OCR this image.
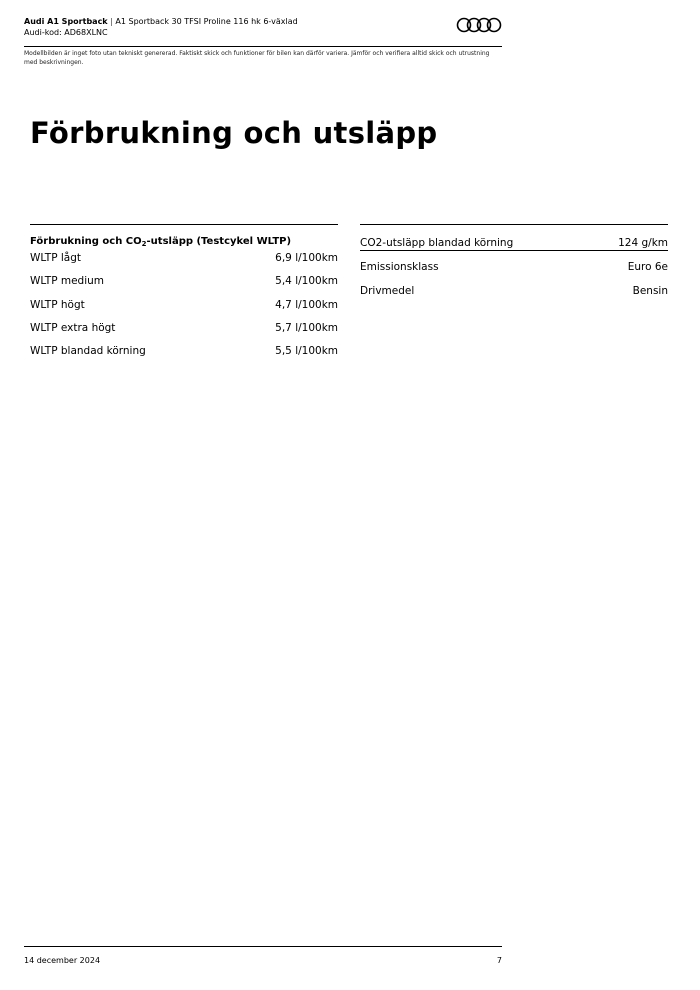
Audi A1 Sportback | A1 Sportback 30 TFSI Proline 116 hk 6-växlad
Audi-kod: AD68XLNC
Modellbilden är inget foto utan tekniskt genererad. Faktiskt skick och funktioner för bilen kan därför variera. Jämför och verifiera alltid skick och utrustning med beskrivningen.
Förbrukning och utsläpp
Förbrukning och $CO_2$-utsläpp (Testcykel WLTP)
WLTP lågt	6,9 l/100km
WLTP medium	5,4 l/100km
WLTP högt	4,7 l/100km
WLTP extra högt	5,7 l/100km
WLTP blandad körning	5,5 l/100km
CO2-utsläpp blandad körning	124 g/km
Emissionsklass	Euro 6e
Drivmedel	Bensin
14 december 2024	7
